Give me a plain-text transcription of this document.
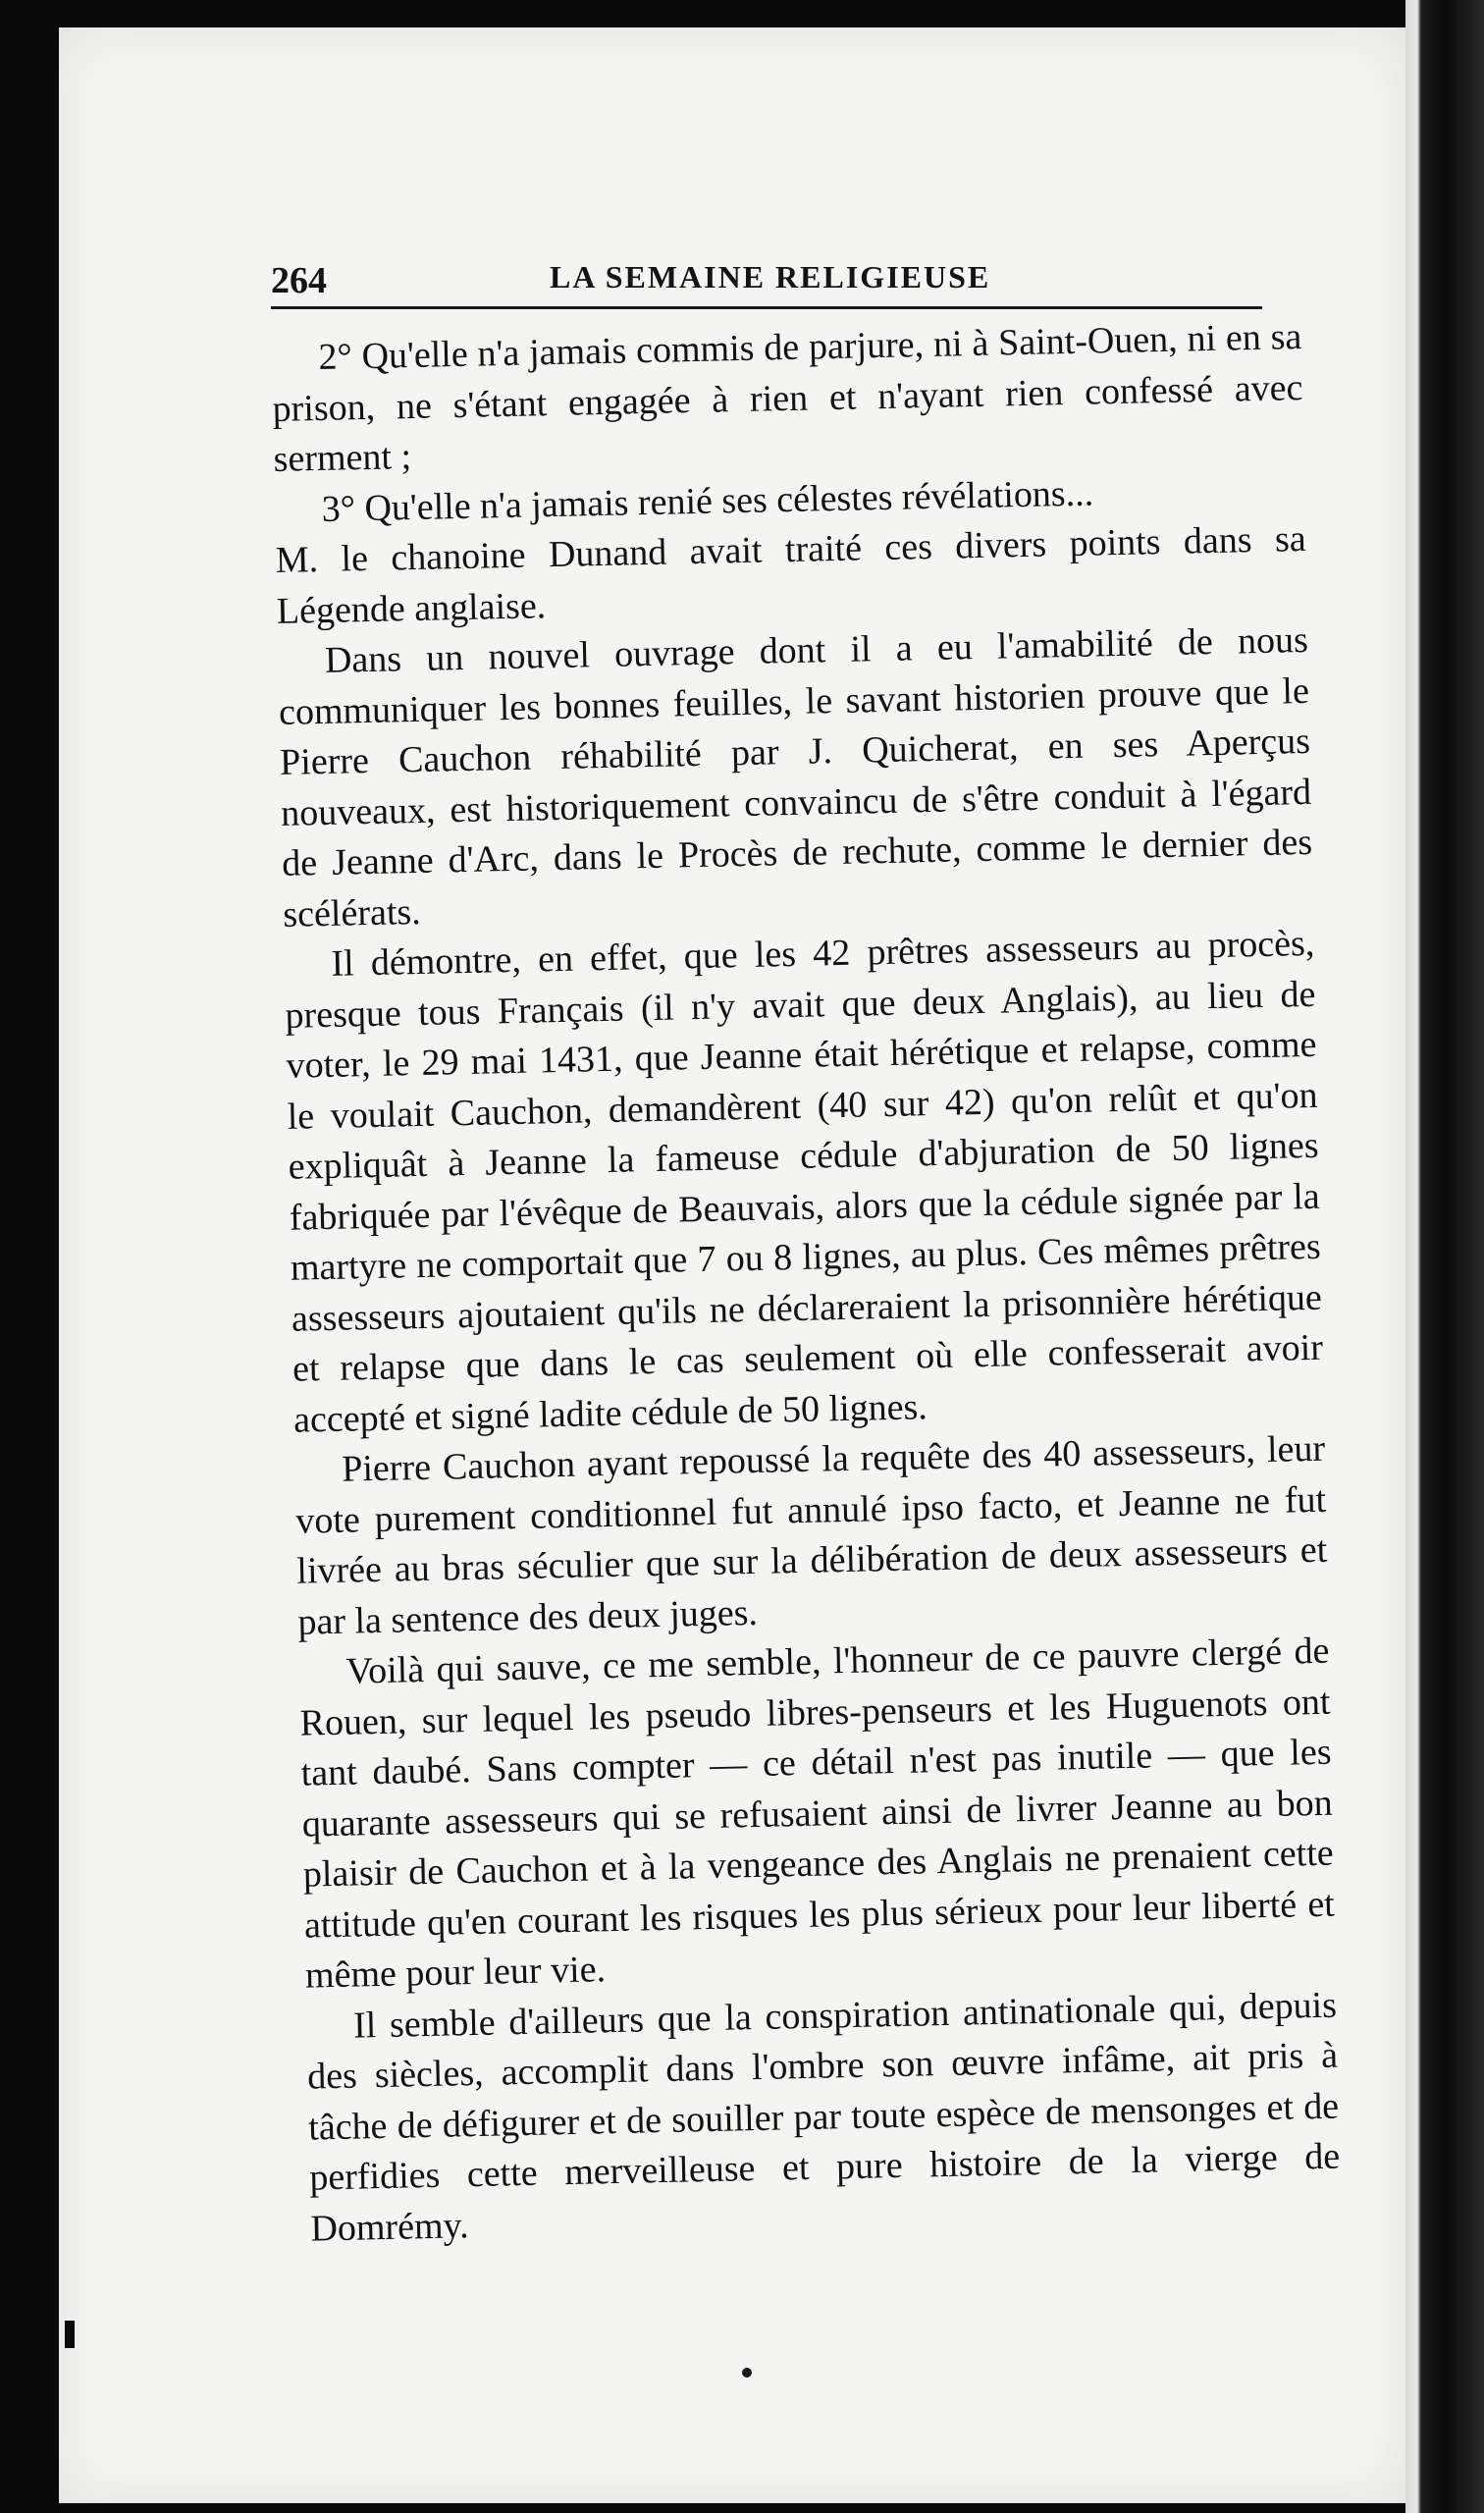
264	LA SEMAINE RELIGIEUSE

2° Qu'elle n'a jamais commis de parjure, ni à Saint-Ouen, ni en sa prison, ne s'étant engagée à rien et n'ayant rien confessé avec serment ;

3° Qu'elle n'a jamais renié ses célestes révélations...

M. le chanoine Dunand avait traité ces divers points dans sa Légende anglaise.

Dans un nouvel ouvrage dont il a eu l'amabilité de nous communiquer les bonnes feuilles, le savant historien prouve que le Pierre Cauchon réhabilité par J. Quicherat, en ses Aperçus nouveaux, est historiquement convaincu de s'être conduit à l'égard de Jeanne d'Arc, dans le Procès de rechute, comme le dernier des scélérats.

Il démontre, en effet, que les 42 prêtres assesseurs au procès, presque tous Français (il n'y avait que deux Anglais), au lieu de voter, le 29 mai 1431, que Jeanne était hérétique et relapse, comme le voulait Cauchon, demandèrent (40 sur 42) qu'on relût et qu'on expliquât à Jeanne la fameuse cédule d'abjuration de 50 lignes fabriquée par l'évêque de Beauvais, alors que la cédule signée par la martyre ne comportait que 7 ou 8 lignes, au plus. Ces mêmes prêtres assesseurs ajoutaient qu'ils ne déclareraient la prisonnière hérétique et relapse que dans le cas seulement où elle confesserait avoir accepté et signé ladite cédule de 50 lignes.

Pierre Cauchon ayant repoussé la requête des 40 assesseurs, leur vote purement conditionnel fut annulé ipso facto, et Jeanne ne fut livrée au bras séculier que sur la délibération de deux assesseurs et par la sentence des deux juges.

Voilà qui sauve, ce me semble, l'honneur de ce pauvre clergé de Rouen, sur lequel les pseudo libres-penseurs et les Huguenots ont tant daubé. Sans compter — ce détail n'est pas inutile — que les quarante assesseurs qui se refusaient ainsi de livrer Jeanne au bon plaisir de Cauchon et à la vengeance des Anglais ne prenaient cette attitude qu'en courant les risques les plus sérieux pour leur liberté et même pour leur vie.

Il semble d'ailleurs que la conspiration antinationale qui, depuis des siècles, accomplit dans l'ombre son œuvre infâme, ait pris à tâche de défigurer et de souiller par toute espèce de mensonges et de perfidies cette merveilleuse et pure histoire de la vierge de Domrémy.
